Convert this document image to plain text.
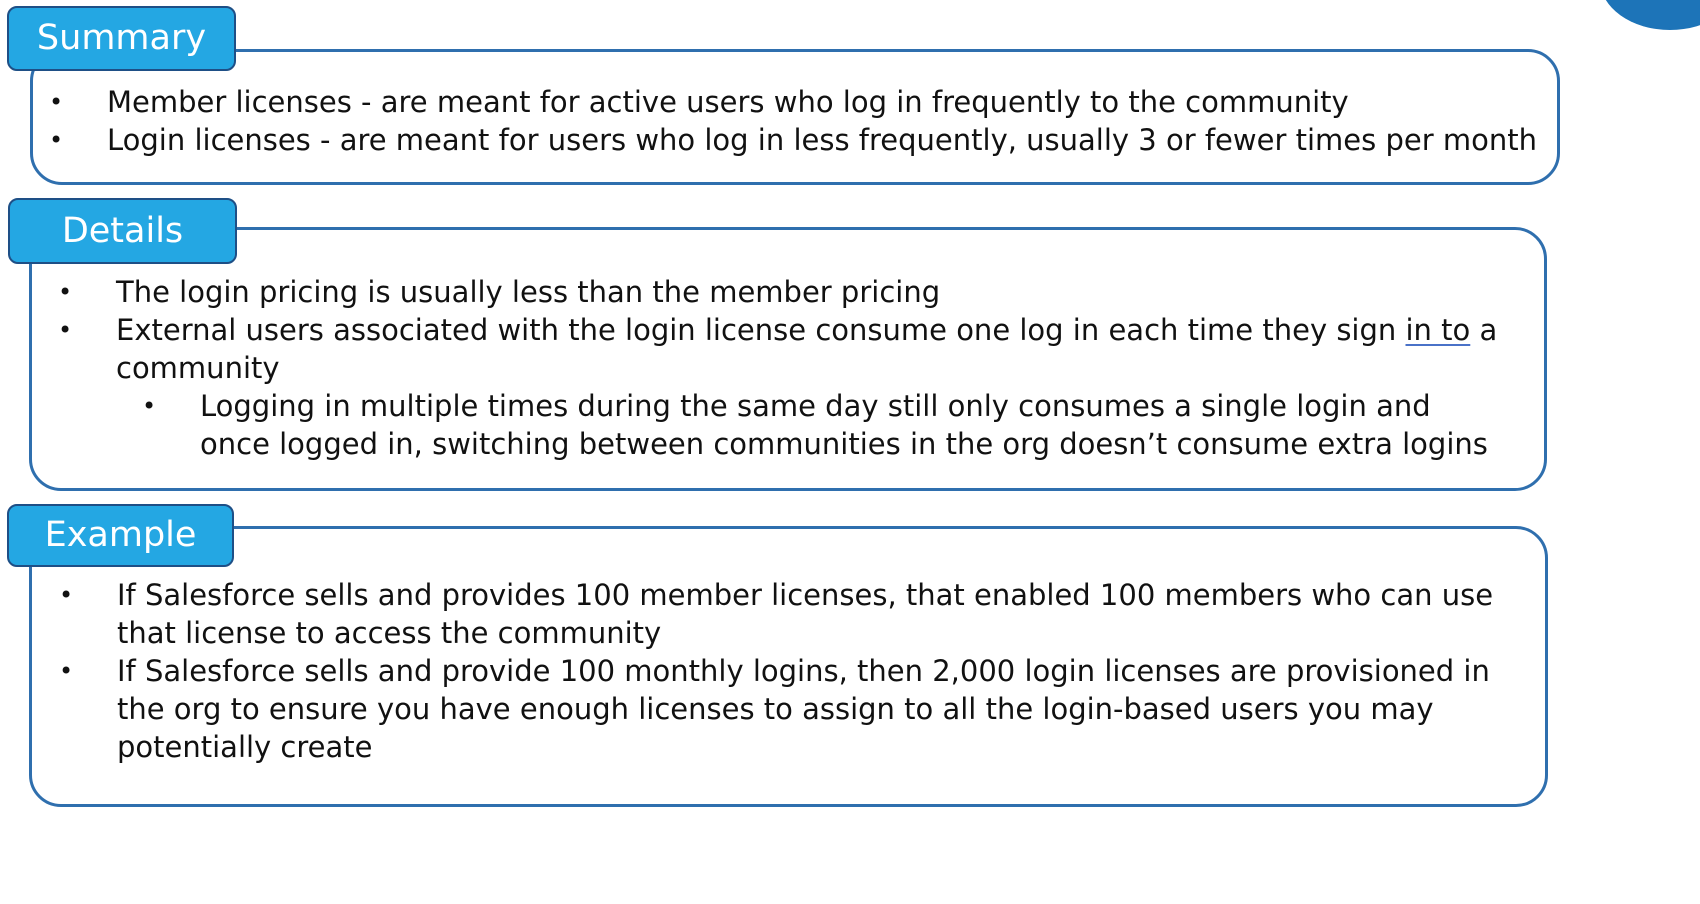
Summary
• Member licenses - are meant for active users who log in frequently to the community
• Login licenses - are meant for users who log in less frequently, usually 3 or fewer times per month
Details
• The login pricing is usually less than the member pricing
• External users associated with the login license consume one log in each time they sign in to a community
• Logging in multiple times during the same day still only consumes a single login and once logged in, switching between communities in the org doesn’t consume extra logins
Example
• If Salesforce sells and provides 100 member licenses, that enabled 100 members who can use that license to access the community
• If Salesforce sells and provide 100 monthly logins, then 2,000 login licenses are provisioned in the org to ensure you have enough licenses to assign to all the login-based users you may potentially create
